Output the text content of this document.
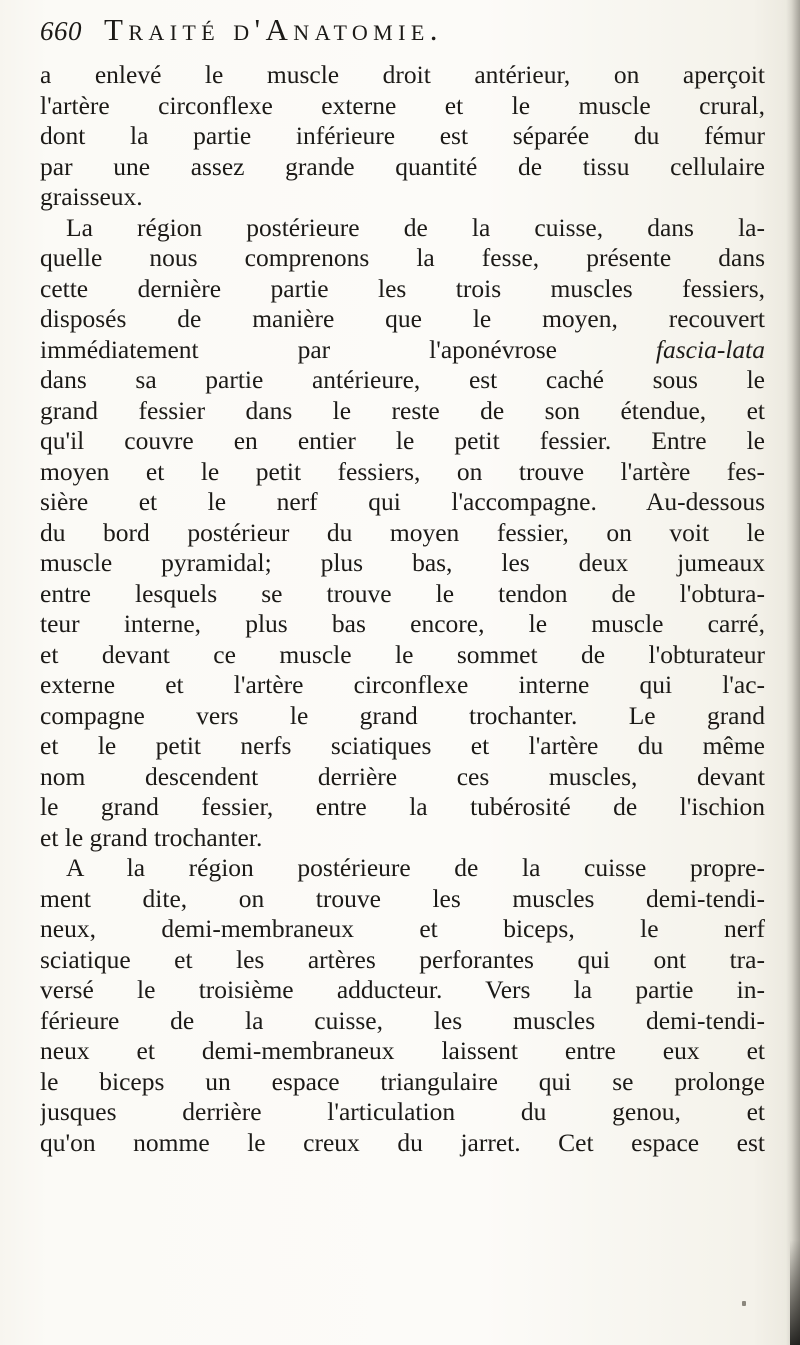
660 Traité d'Anatomie.
a enlevé le muscle droit antérieur, on aperçoit
l'artère circonflexe externe et le muscle crural,
dont la partie inférieure est séparée du fémur
par une assez grande quantité de tissu cellulaire
graisseux.
La région postérieure de la cuisse, dans la-
quelle nous comprenons la fesse, présente dans
cette dernière partie les trois muscles fessiers,
disposés de manière que le moyen, recouvert
immédiatement par l'aponévrose fascia-lata
dans sa partie antérieure, est caché sous le
grand fessier dans le reste de son étendue, et
qu'il couvre en entier le petit fessier. Entre le
moyen et le petit fessiers, on trouve l'artère fes-
sière et le nerf qui l'accompagne. Au-dessous
du bord postérieur du moyen fessier, on voit le
muscle pyramidal; plus bas, les deux jumeaux
entre lesquels se trouve le tendon de l'obtura-
teur interne, plus bas encore, le muscle carré,
et devant ce muscle le sommet de l'obturateur
externe et l'artère circonflexe interne qui l'ac-
compagne vers le grand trochanter. Le grand
et le petit nerfs sciatiques et l'artère du même
nom descendent derrière ces muscles, devant
le grand fessier, entre la tubérosité de l'ischion
et le grand trochanter.
A la région postérieure de la cuisse propre-
ment dite, on trouve les muscles demi-tendi-
neux, demi-membraneux et biceps, le nerf
sciatique et les artères perforantes qui ont tra-
versé le troisième adducteur. Vers la partie in-
férieure de la cuisse, les muscles demi-tendi-
neux et demi-membraneux laissent entre eux et
le biceps un espace triangulaire qui se prolonge
jusques derrière l'articulation du genou, et
qu'on nomme le creux du jarret. Cet espace est
